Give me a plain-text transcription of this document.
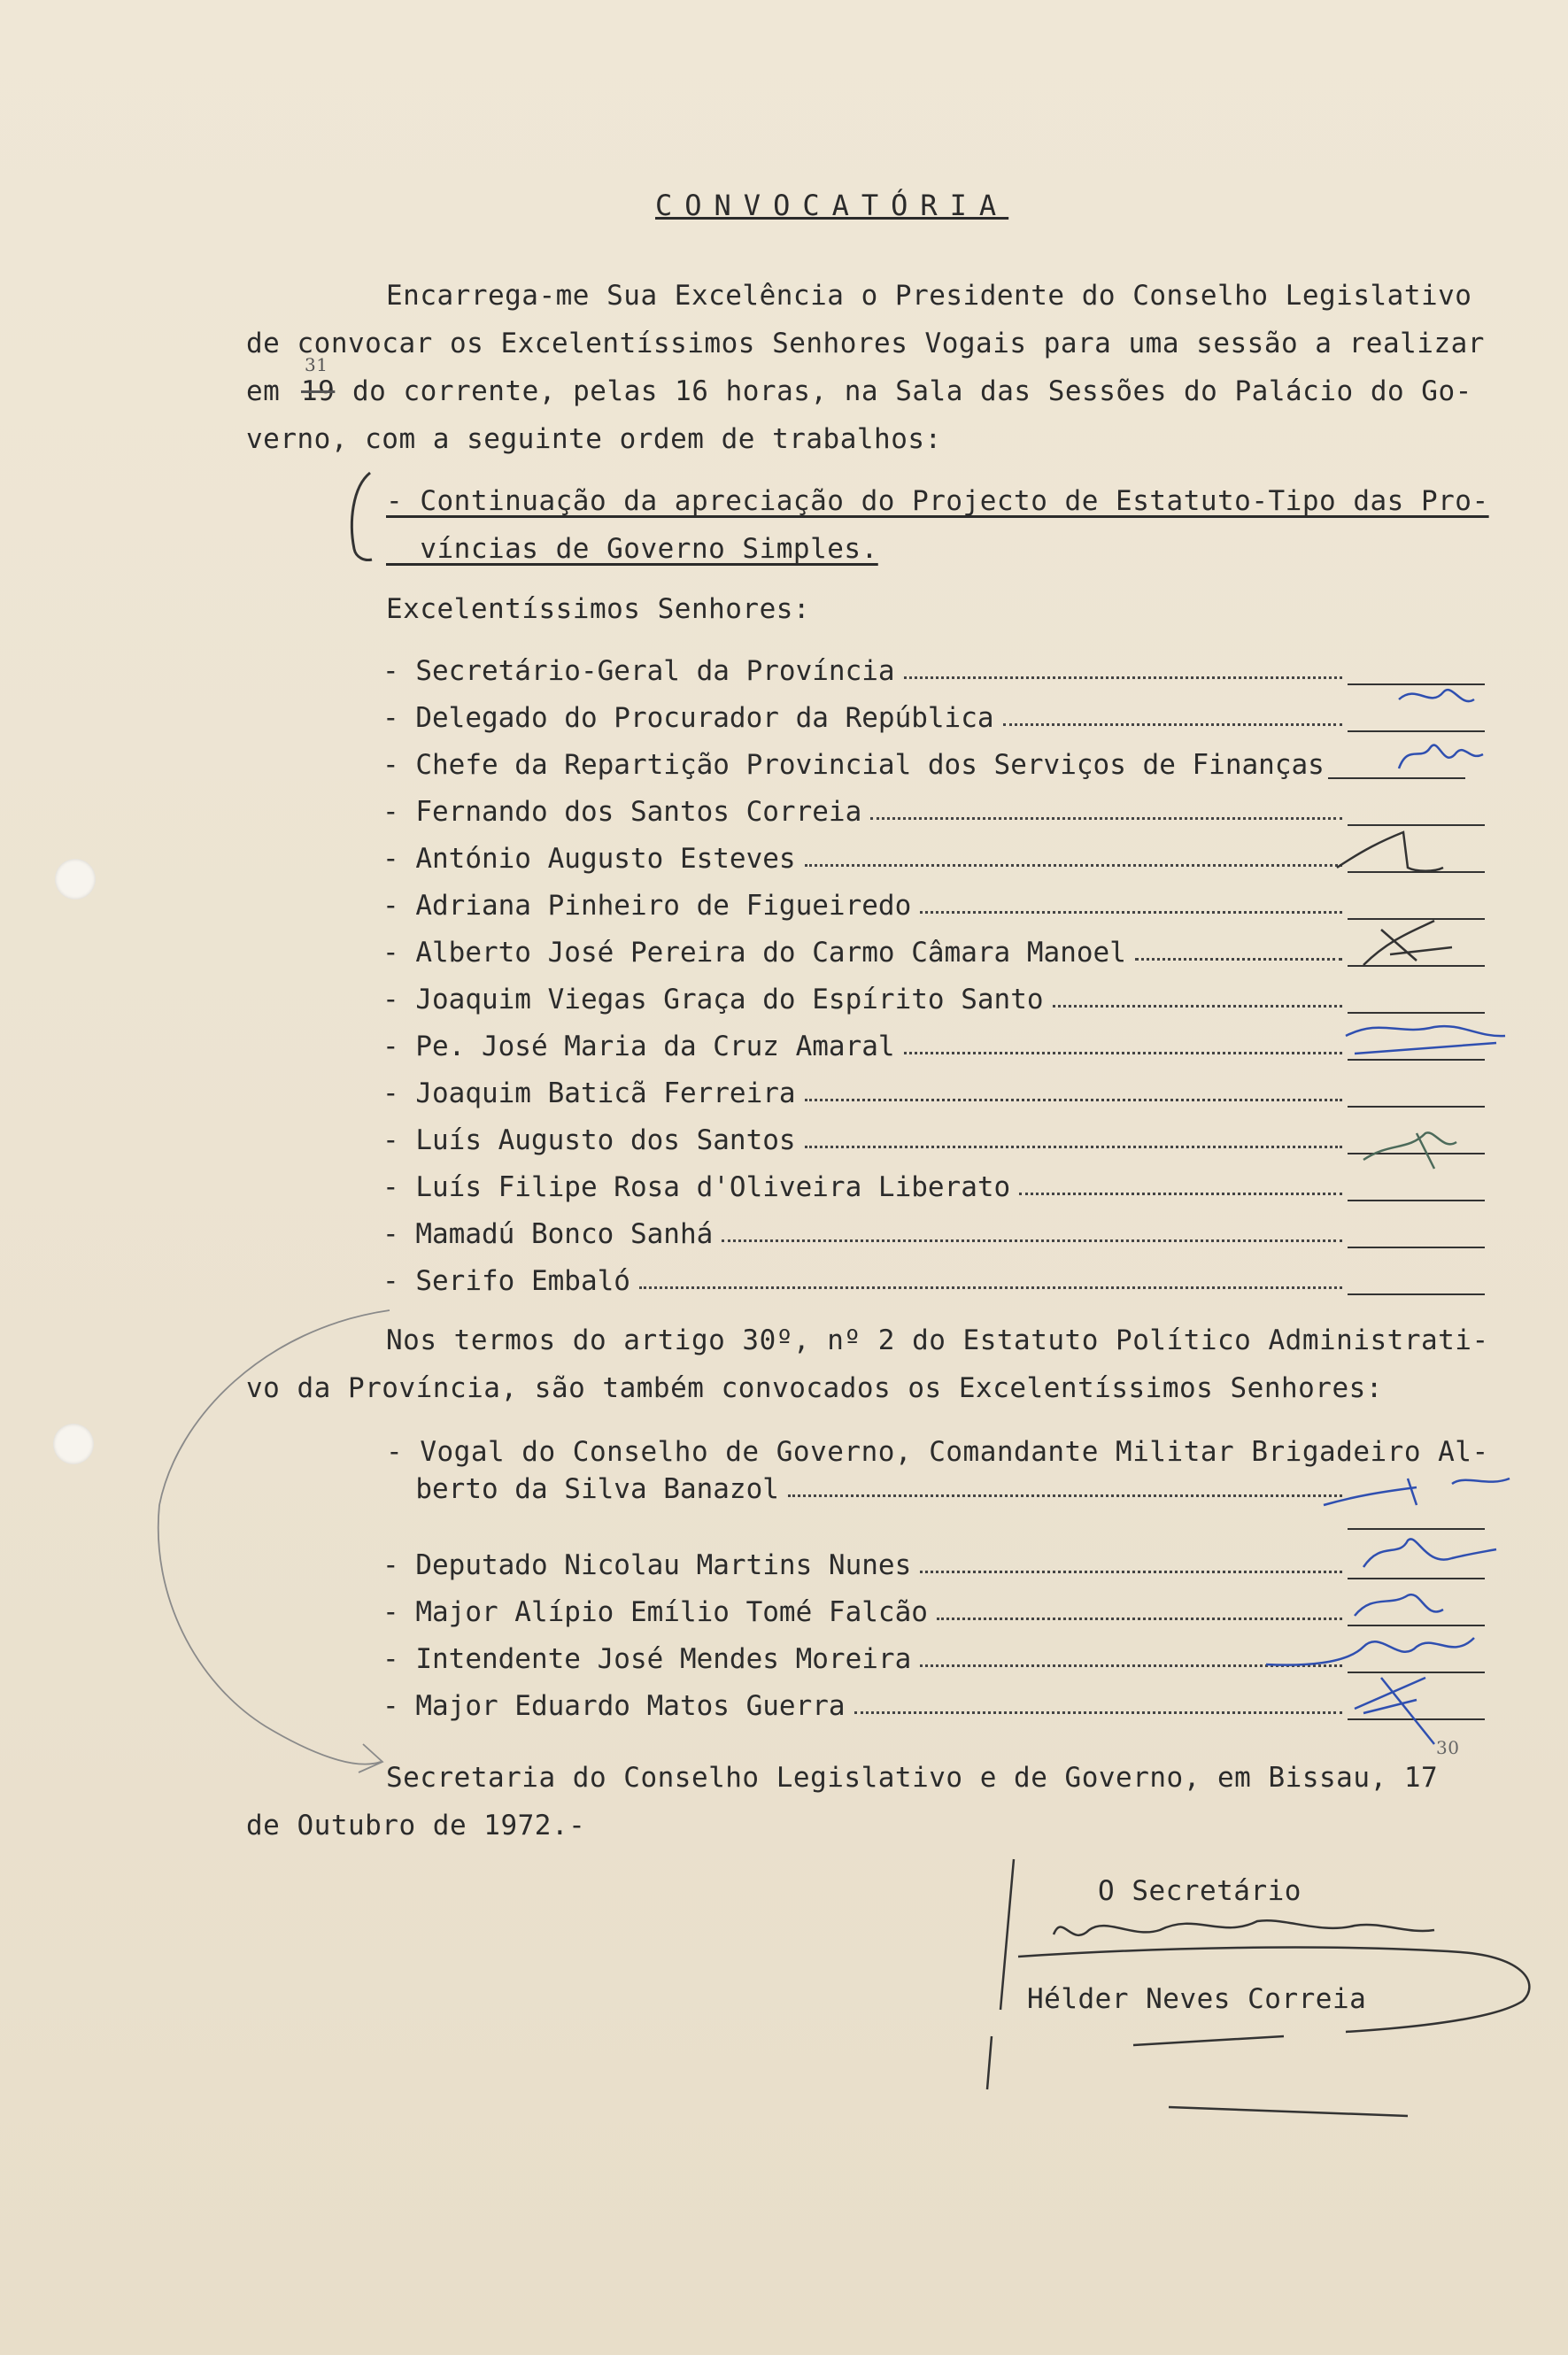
CONVOCATÓRIA
Encarrega-me Sua Excelência o Presidente do Conselho Legislativo
de convocar os Excelentíssimos Senhores Vogais para uma sessão a realizar
em 19
31
do corrente, pelas 16 horas, na Sala das Sessões do Palácio do Go-
verno, com a seguinte ordem de trabalhos:
- Continuação da apreciação do Projecto de Estatuto-Tipo das Pro-
víncias de Governo Simples.
Excelentíssimos Senhores:
- Secretário-Geral da Província
- Delegado do Procurador da República
- Chefe da Repartição Provincial dos Serviços de Finanças
- Fernando dos Santos Correia
- António Augusto Esteves
- Adriana Pinheiro de Figueiredo
- Alberto José Pereira do Carmo Câmara Manoel
- Joaquim Viegas Graça do Espírito Santo
- Pe. José Maria da Cruz Amaral
- Joaquim Baticã Ferreira
- Luís Augusto dos Santos
- Luís Filipe Rosa d'Oliveira Liberato
- Mamadú Bonco Sanhá
- Serifo Embaló
Nos termos do artigo 30º, nº 2 do Estatuto Político Administrati-
vo da Província, são também convocados os Excelentíssimos Senhores:
- Vogal do Conselho de Governo, Comandante Militar Brigadeiro Al-
berto da Silva Banazol
- Deputado Nicolau Martins Nunes
- Major Alípio Emílio Tomé Falcão
- Intendente José Mendes Moreira
- Major Eduardo Matos Guerra
Secretaria do Conselho Legislativo e de Governo, em Bissau, 17
30
de Outubro de 1972.-
O Secretário
Hélder Neves Correia
